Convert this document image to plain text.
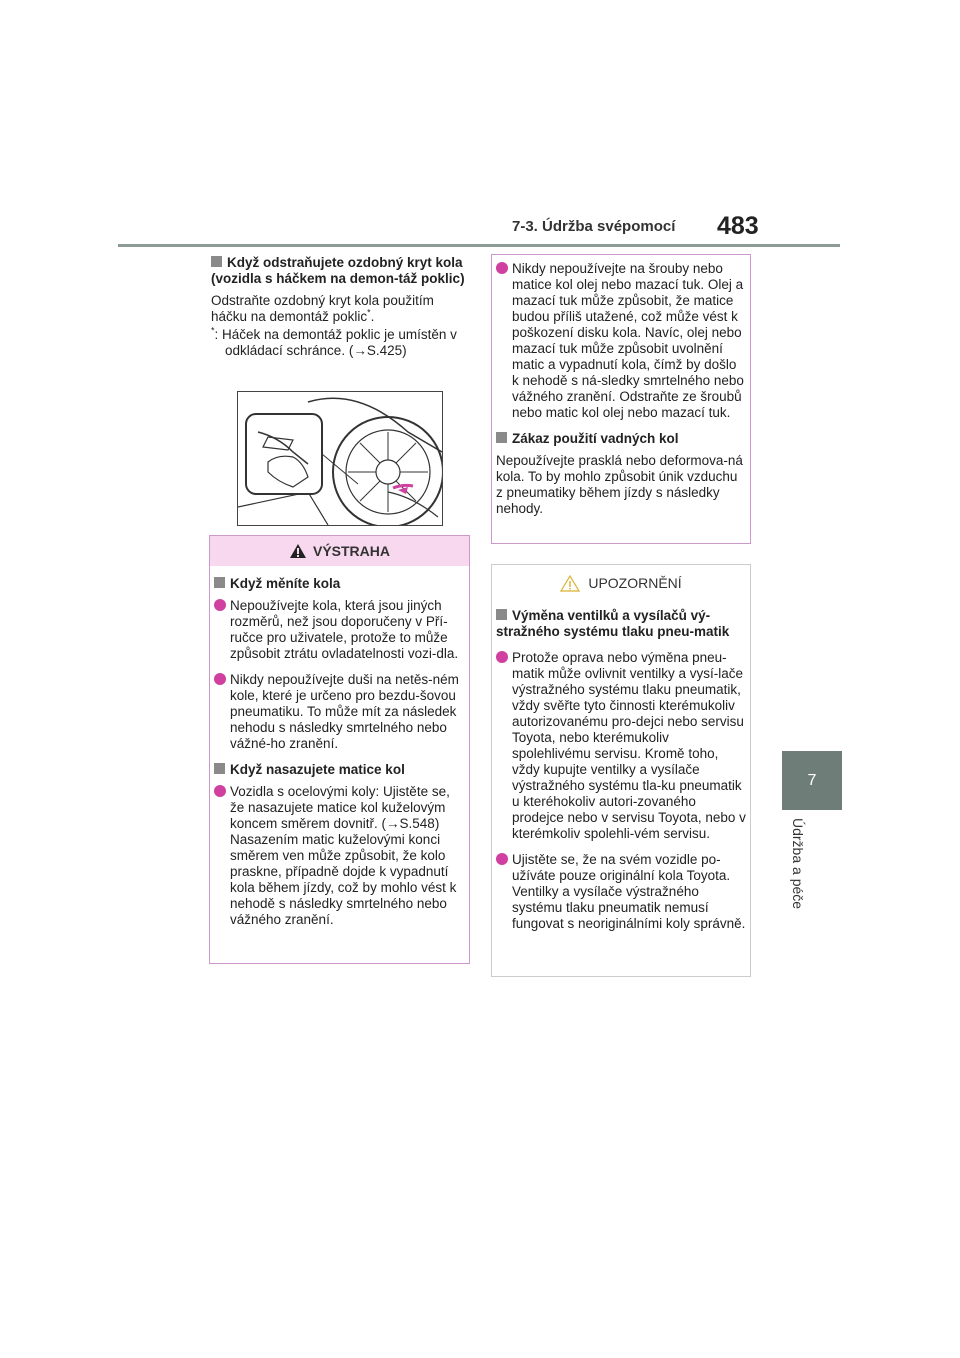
7-3. Údržba svépomocí 483
7
Údržba a péče
Když odstraňujete ozdobný kryt kola (vozidla s háčkem na demon-táž poklic)
Odstraňte ozdobný kryt kola použitím háčku na demontáž poklic*.
*: Háček na demontáž poklic je umístěn v odkládací schránce. (→S.425)
VÝSTRAHA
Když měníte kola
Nepoužívejte kola, která jsou jiných rozměrů, než jsou doporučeny v Pří-ručce pro uživatele, protože to může způsobit ztrátu ovladatelnosti vozi-dla.
Nikdy nepoužívejte duši na netěs-ném kole, které je určeno pro bezdu-šovou pneumatiku. To může mít za následek nehodu s následky smrtelného nebo vážné-ho zranění.
Když nasazujete matice kol
Vozidla s ocelovými koly: Ujistěte se, že nasazujete matice kol kuželovým koncem směrem dovnitř. (→S.548) Nasazením matic kuželovými konci směrem ven může způsobit, že kolo praskne, případně dojde k vypadnutí kola během jízdy, což by mohlo vést k nehodě s následky smrtelného nebo vážného zranění.
Nikdy nepoužívejte na šrouby nebo matice kol olej nebo mazací tuk. Olej a mazací tuk může způsobit, že matice budou příliš utažené, což může vést k poškození disku kola. Navíc, olej nebo mazací tuk může způsobit uvolnění matic a vypadnutí kola, čímž by došlo k nehodě s ná-sledky smrtelného nebo vážného zranění. Odstraňte ze šroubů nebo matic kol olej nebo mazací tuk.
Zákaz použití vadných kol
Nepoužívejte prasklá nebo deformova-ná kola. To by mohlo způsobit únik vzduchu z pneumatiky během jízdy s následky nehody.
UPOZORNĚNÍ
Výměna ventilků a vysílačů vý-stražného systému tlaku pneu-matik
Protože oprava nebo výměna pneu-matik může ovlivnit ventilky a vysí-lače výstražného systému tlaku pneumatik, vždy svěřte tyto činnosti kterémukoliv autorizovanému pro-dejci nebo servisu Toyota, nebo kterémukoliv spolehlivému servisu. Kromě toho, vždy kupujte ventilky a vysílače výstražného systému tla-ku pneumatik u kteréhokoliv autori-zovaného prodejce nebo v servisu Toyota, nebo v kterémkoliv spolehli-vém servisu.
Ujistěte se, že na svém vozidle po-užíváte pouze originální kola Toyota. Ventilky a vysílače výstražného systému tlaku pneumatik nemusí fungovat s neoriginálními koly správně.
